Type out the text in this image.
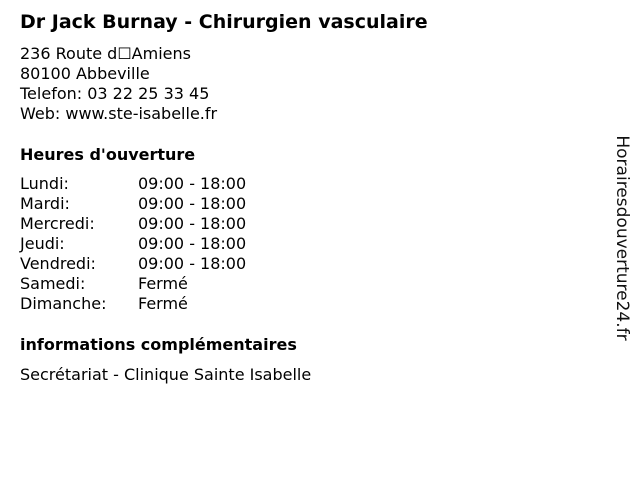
Dr Jack Burnay - Chirurgien vasculaire
236 Route d☐Amiens
80100 Abbeville
Telefon: 03 22 25 33 45
Web: www.ste-isabelle.fr
Heures d'ouverture
Lundi:	09:00 - 18:00
Mardi:	09:00 - 18:00
Mercredi:	09:00 - 18:00
Jeudi:	09:00 - 18:00
Vendredi:	09:00 - 18:00
Samedi:	Fermé
Dimanche:	Fermé
informations complémentaires
Secrétariat - Clinique Sainte Isabelle
Horairesdouverture24.fr
